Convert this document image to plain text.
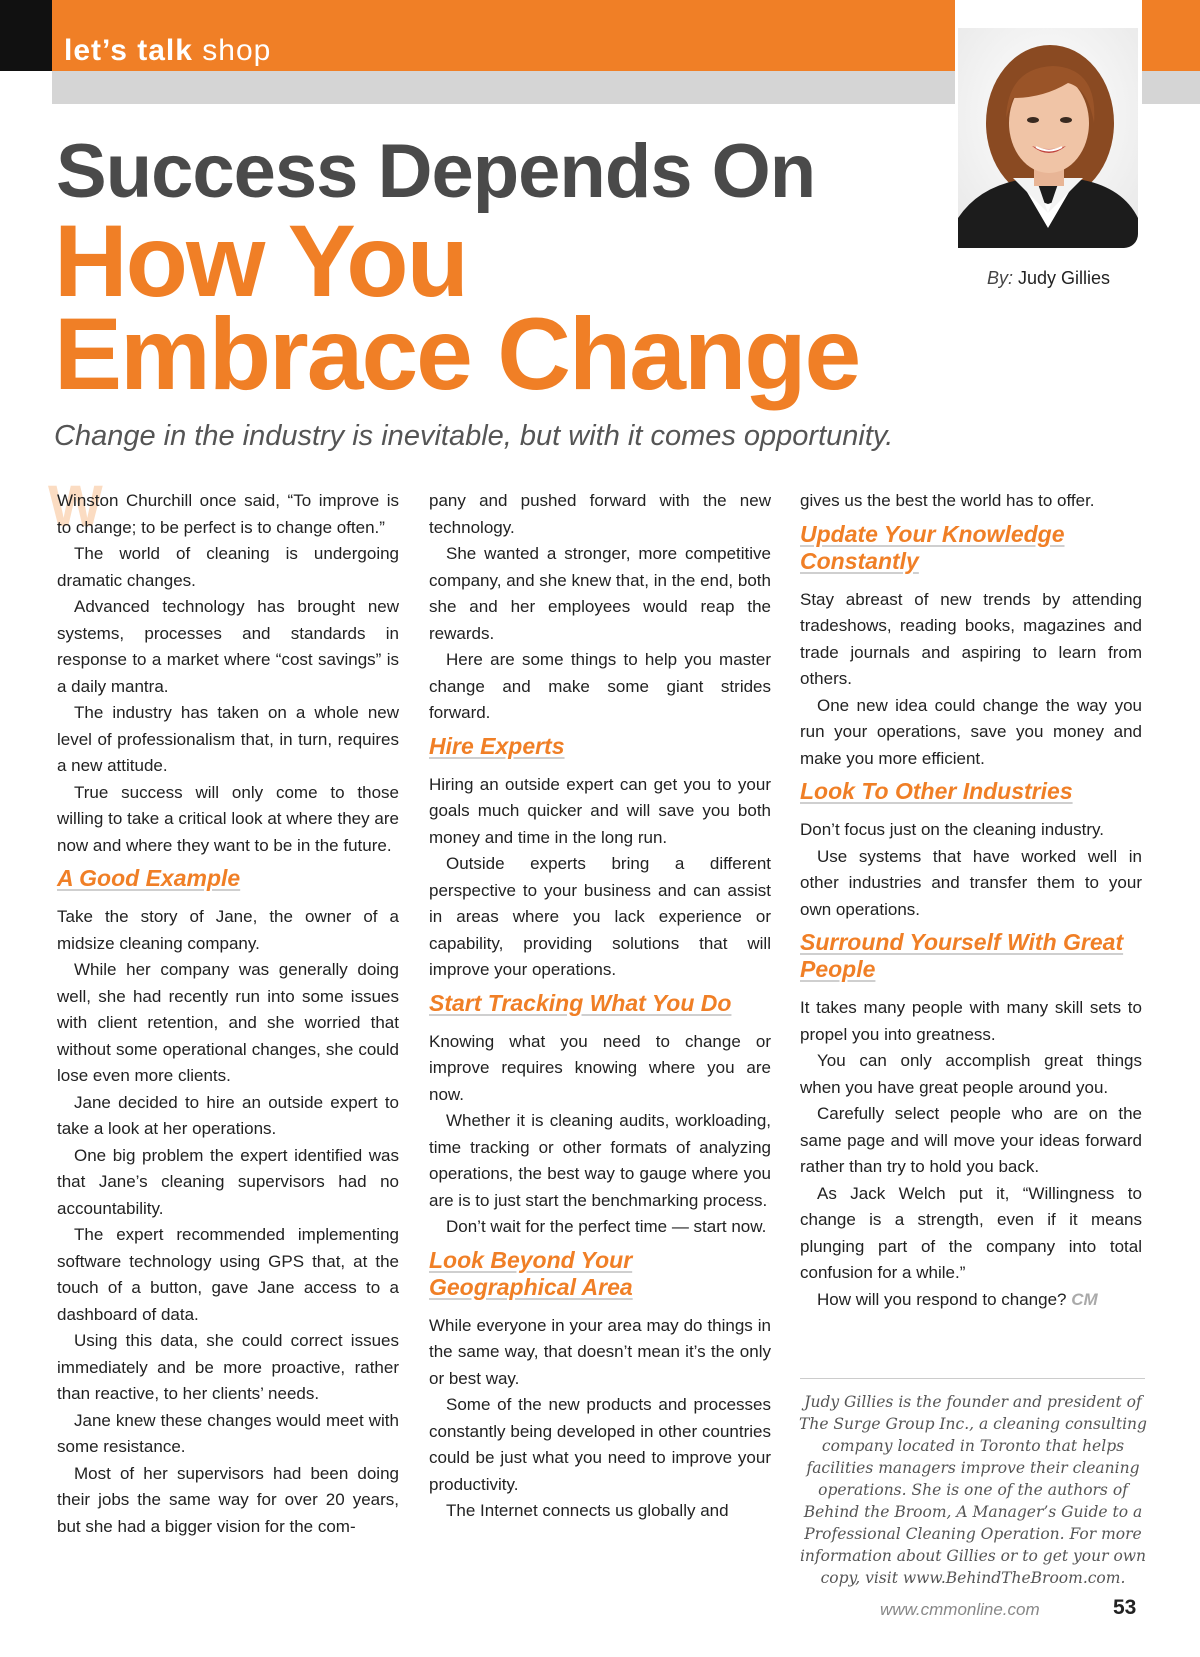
let’s talk shop
By: Judy Gillies
Success Depends On
How You
Embrace Change
Change in the industry is inevitable, but with it comes opportunity.
W

Winston Churchill once said, “To improve is to change; to be perfect is to change often.”

The world of cleaning is undergoing dramatic changes.

Advanced technology has brought new systems, processes and standards in response to a market where “cost savings” is a daily mantra.

The industry has taken on a whole new level of professionalism that, in turn, requires a new attitude.

True success will only come to those willing to take a critical look at where they are now and where they want to be in the future.

A Good Example

Take the story of Jane, the owner of a midsize cleaning company.

While her company was generally doing well, she had recently run into some issues with client retention, and she worried that without some operational changes, she could lose even more clients.

Jane decided to hire an outside expert to take a look at her operations.

One big problem the expert identified was that Jane’s cleaning supervisors had no accountability.

The expert recommended implementing software technology using GPS that, at the touch of a button, gave Jane access to a dashboard of data.

Using this data, she could correct issues immediately and be more proactive, rather than reactive, to her clients’ needs.

Jane knew these changes would meet with some resistance.

Most of her supervisors had been doing their jobs the same way for over 20 years, but she had a bigger vision for the com-

pany and pushed forward with the new technology.

She wanted a stronger, more competitive company, and she knew that, in the end, both she and her employees would reap the rewards.

Here are some things to help you master change and make some giant strides forward.

Hire Experts

Hiring an outside expert can get you to your goals much quicker and will save you both money and time in the long run.

Outside experts bring a different perspective to your business and can assist in areas where you lack experience or capability, providing solutions that will improve your operations.

Start Tracking What You Do

Knowing what you need to change or improve requires knowing where you are now.

Whether it is cleaning audits, workloading, time tracking or other formats of analyzing operations, the best way to gauge where you are is to just start the benchmarking process.

Don’t wait for the perfect time — start now.

Look Beyond Your Geographical Area

While everyone in your area may do things in the same way, that doesn’t mean it’s the only or best way.

Some of the new products and processes constantly being developed in other countries could be just what you need to improve your productivity.

The Internet connects us globally and

gives us the best the world has to offer.

Update Your Knowledge Constantly

Stay abreast of new trends by attending tradeshows, reading books, magazines and trade journals and aspiring to learn from others.

One new idea could change the way you run your operations, save you money and make you more efficient.

Look To Other Industries

Don’t focus just on the cleaning industry.

Use systems that have worked well in other industries and transfer them to your own operations.

Surround Yourself With Great People

It takes many people with many skill sets to propel you into greatness.

You can only accomplish great things when you have great people around you.

Carefully select people who are on the same page and will move your ideas forward rather than try to hold you back.

As Jack Welch put it, “Willingness to change is a strength, even if it means plunging part of the company into total confusion for a while.”

How will you respond to change? CM

Judy Gillies is the founder and president of The Surge Group Inc., a cleaning consulting company located in Toronto that helps facilities managers improve their cleaning operations. She is one of the authors of Behind the Broom, A Manager’s Guide to a Professional Cleaning Operation. For more information about Gillies or to get your own copy, visit www.BehindTheBroom.com.
www.cmmonline.com	53
